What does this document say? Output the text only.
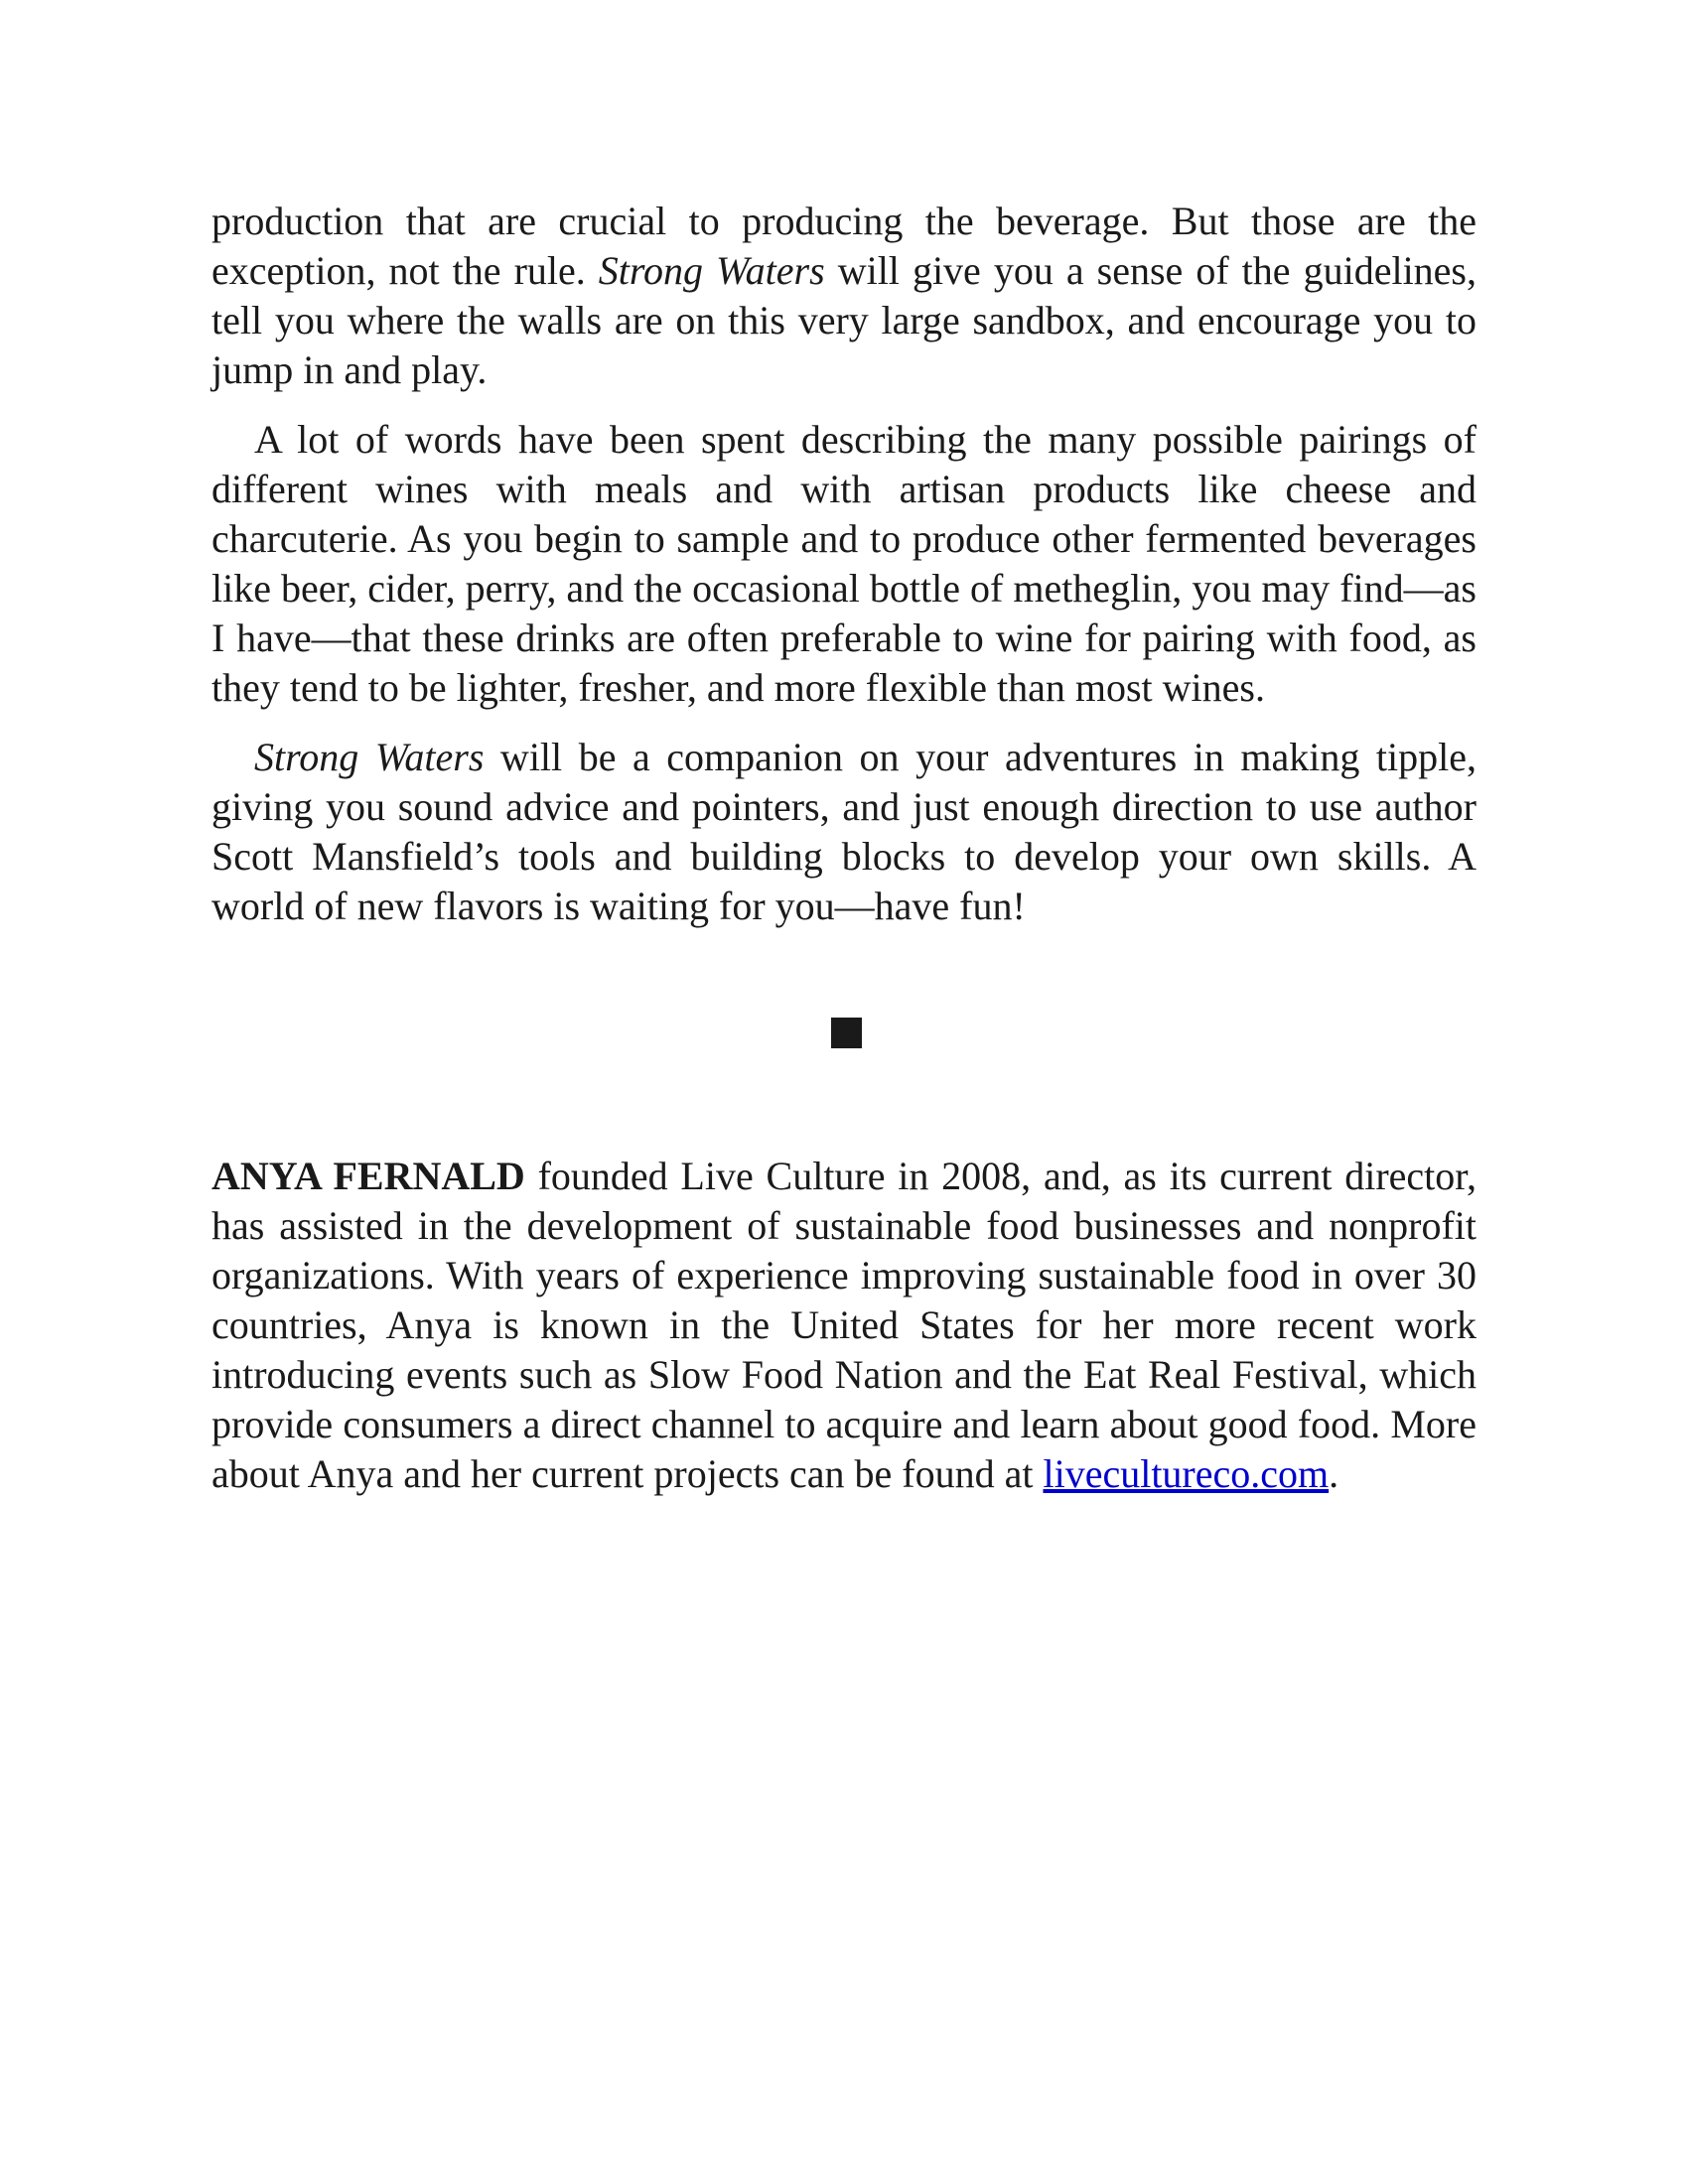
production that are crucial to producing the beverage. But those are the exception, not the rule. Strong Waters will give you a sense of the guidelines, tell you where the walls are on this very large sandbox, and encourage you to jump in and play.

A lot of words have been spent describing the many possible pairings of different wines with meals and with artisan products like cheese and charcuterie. As you begin to sample and to produce other fermented beverages like beer, cider, perry, and the occasional bottle of metheglin, you may find—as I have—that these drinks are often preferable to wine for pairing with food, as they tend to be lighter, fresher, and more flexible than most wines.

Strong Waters will be a companion on your adventures in making tipple, giving you sound advice and pointers, and just enough direction to use author Scott Mansfield’s tools and building blocks to develop your own skills. A world of new flavors is waiting for you—have fun!

ANYA FERNALD founded Live Culture in 2008, and, as its current director, has assisted in the development of sustainable food businesses and nonprofit organizations. With years of experience improving sustainable food in over 30 countries, Anya is known in the United States for her more recent work introducing events such as Slow Food Nation and the Eat Real Festival, which provide consumers a direct channel to acquire and learn about good food. More about Anya and her current projects can be found at livecultureco.com.
